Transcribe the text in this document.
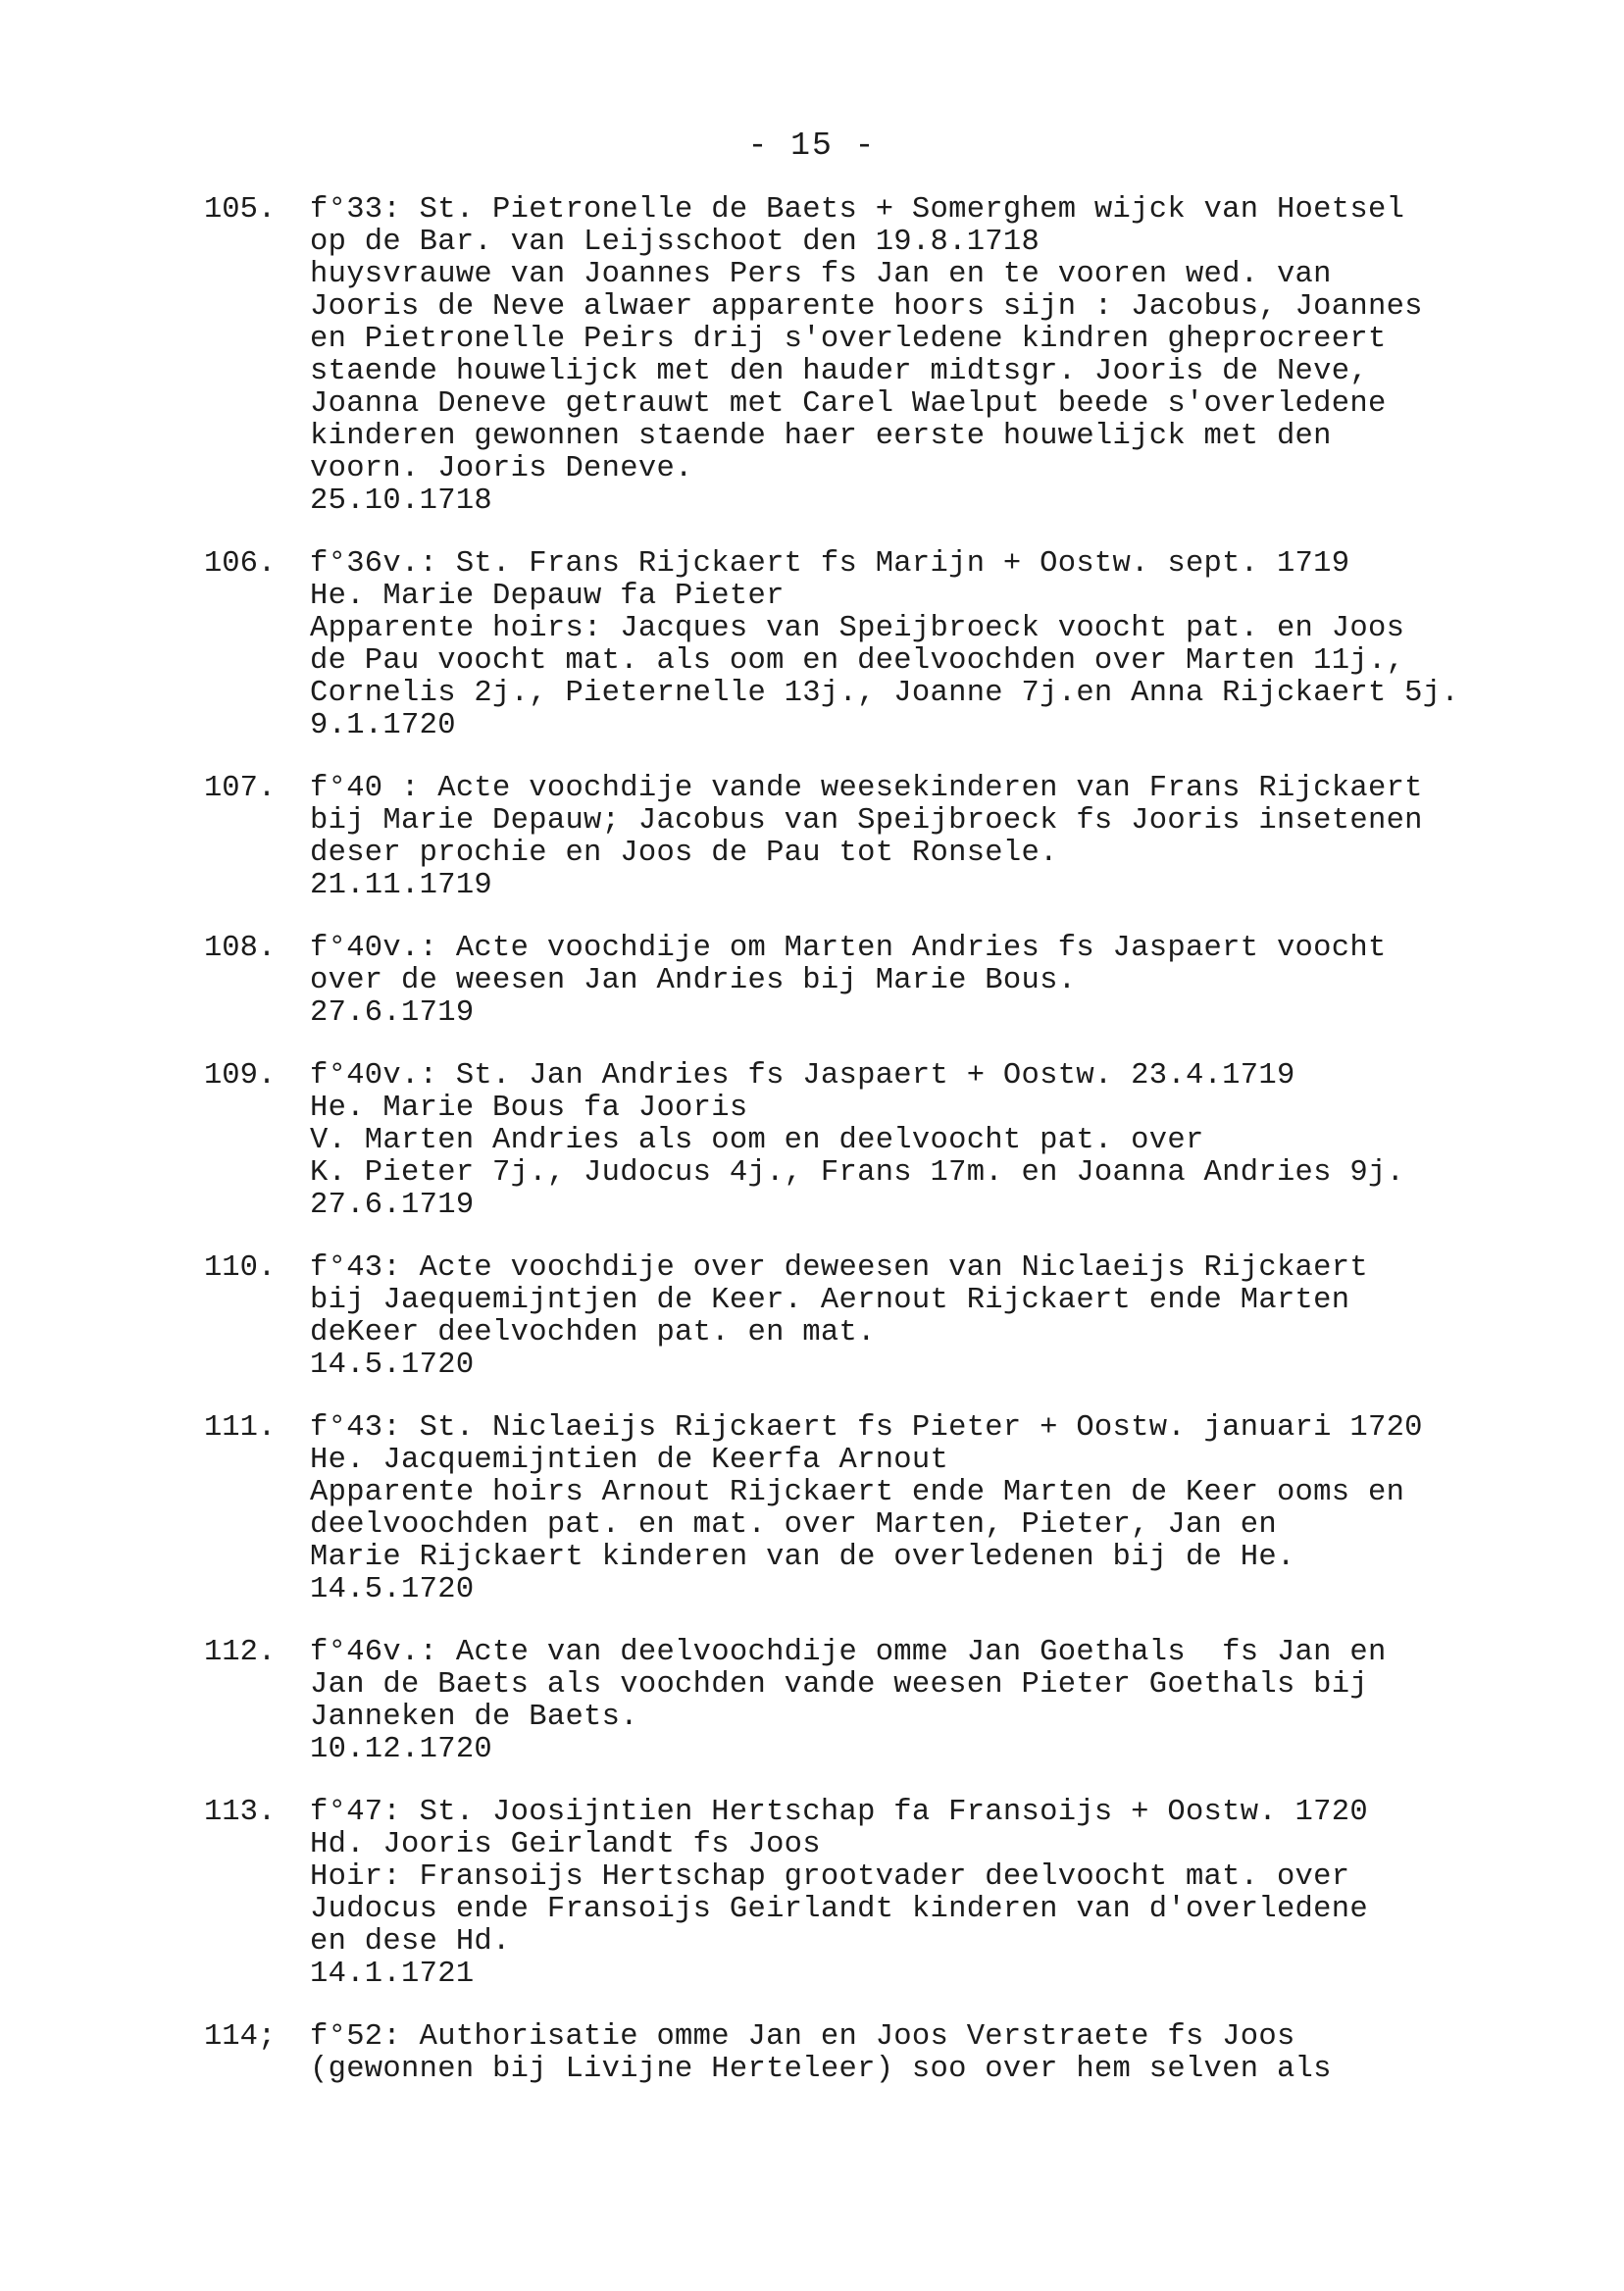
- 15 -
105. f°33: St. Pietronelle de Baets + Somerghem wijck van Hoetsel
op de Bar. van Leijsschoot den 19.8.1718
huysvrauwe van Joannes Pers fs Jan en te vooren wed. van
Jooris de Neve alwaer apparente hoors sijn : Jacobus, Joannes
en Pietronelle Peirs drij s'overledene kindren gheprocreert
staende houwelijck met den hauder midtsgr. Jooris de Neve,
Joanna Deneve getrauwt met Carel Waelput beede s'overledene
kinderen gewonnen staende haer eerste houwelijck met den
voorn. Jooris Deneve.
25.10.1718
106. f°36v.: St. Frans Rijckaert fs Marijn + Oostw. sept. 1719
He. Marie Depauw fa Pieter
Apparente hoirs: Jacques van Speijbroeck voocht pat. en Joos
de Pau voocht mat. als oom en deelvoochden over Marten 11j.,
Cornelis 2j., Pieternelle 13j., Joanne 7j.en Anna Rijckaert 5j.
9.1.1720
107. f°40 : Acte voochdije vande weesekinderen van Frans Rijckaert
bij Marie Depauw; Jacobus van Speijbroeck fs Jooris insetenen
deser prochie en Joos de Pau tot Ronsele.
21.11.1719
108. f°40v.: Acte voochdije om Marten Andries fs Jaspaert voocht
over de weesen Jan Andries bij Marie Bous.
27.6.1719
109. f°40v.: St. Jan Andries fs Jaspaert + Oostw. 23.4.1719
He. Marie Bous fa Jooris
V. Marten Andries als oom en deelvoocht pat. over
K. Pieter 7j., Judocus 4j., Frans 17m. en Joanna Andries 9j.
27.6.1719
110. f°43: Acte voochdije over deweesen van Niclaeijs Rijckaert
bij Jaequemijntjen de Keer. Aernout Rijckaert ende Marten
deKeer deelvochden pat. en mat.
14.5.1720
111. f°43: St. Niclaeijs Rijckaert fs Pieter + Oostw. januari 1720
He. Jacquemijntien de Keerfa Arnout
Apparente hoirs Arnout Rijckaert ende Marten de Keer ooms en
deelvoochden pat. en mat. over Marten, Pieter, Jan en
Marie Rijckaert kinderen van de overledenen bij de He.
14.5.1720
112. f°46v.: Acte van deelvoochdije omme Jan Goethals  fs Jan en
Jan de Baets als voochden vande weesen Pieter Goethals bij
Janneken de Baets.
10.12.1720
113. f°47: St. Joosijntien Hertschap fa Fransoijs + Oostw. 1720
Hd. Jooris Geirlandt fs Joos
Hoir: Fransoijs Hertschap grootvader deelvoocht mat. over
Judocus ende Fransoijs Geirlandt kinderen van d'overledene
en dese Hd.
14.1.1721
114; f°52: Authorisatie omme Jan en Joos Verstraete fs Joos
(gewonnen bij Livijne Herteleer) soo over hem selven als
